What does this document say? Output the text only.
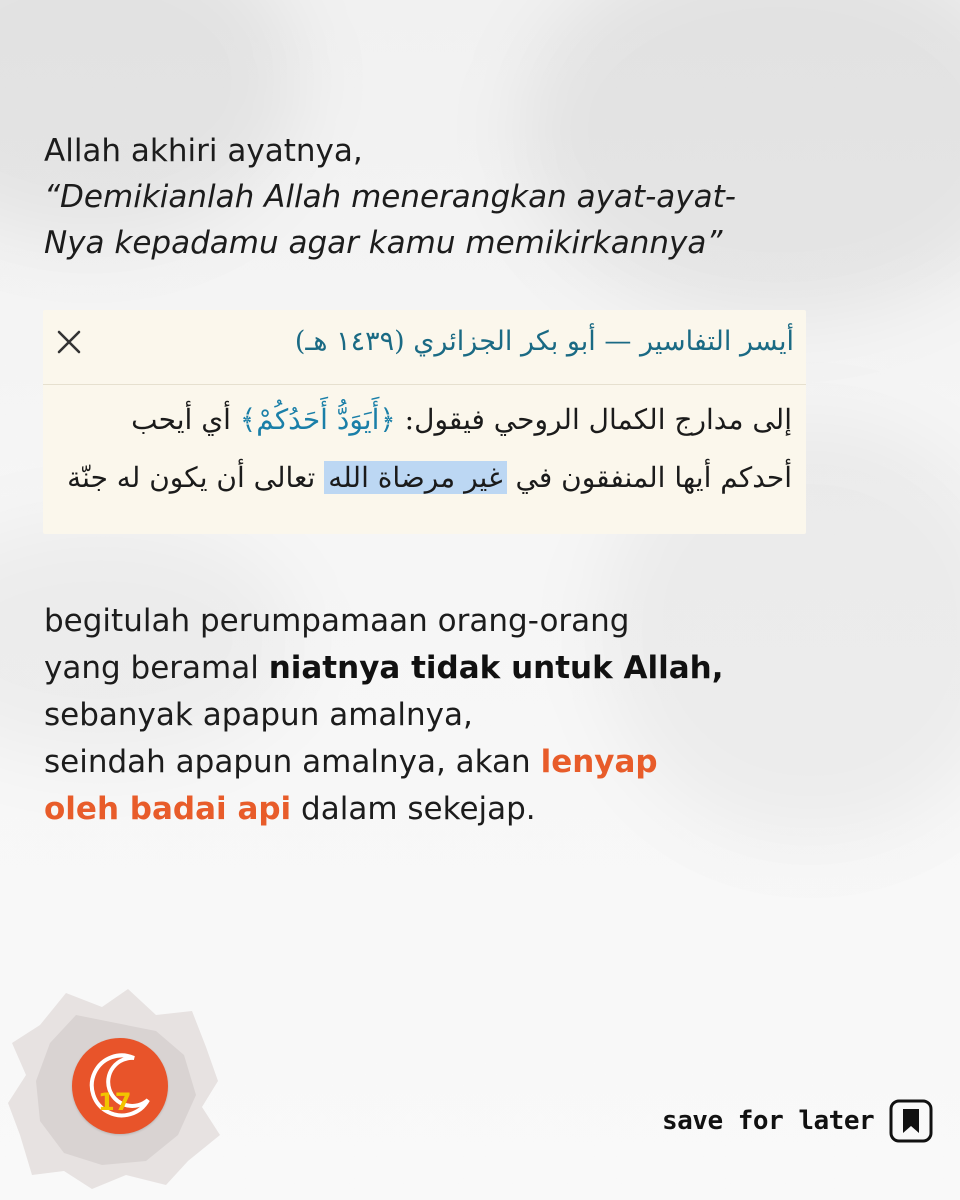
Allah akhiri ayatnya,
“Demikianlah Allah menerangkan ayat-ayat-
Nya kepadamu agar kamu memikirkannya”
أيسر التفاسير — أبو بكر الجزائري (١٤٣٩ هـ)
إلى مدارج الكمال الروحي فيقول: ﴿أَيَوَدُّ أَحَدُكُمْ﴾ أي أيحب
أحدكم أيها المنفقون في غير مرضاة الله تعالى أن يكون له جنّة
begitulah perumpamaan orang-orang
yang beramal niatnya tidak untuk Allah,
sebanyak apapun amalnya,
seindah apapun amalnya, akan lenyap
oleh badai api dalam sekejap.
17
save for later
